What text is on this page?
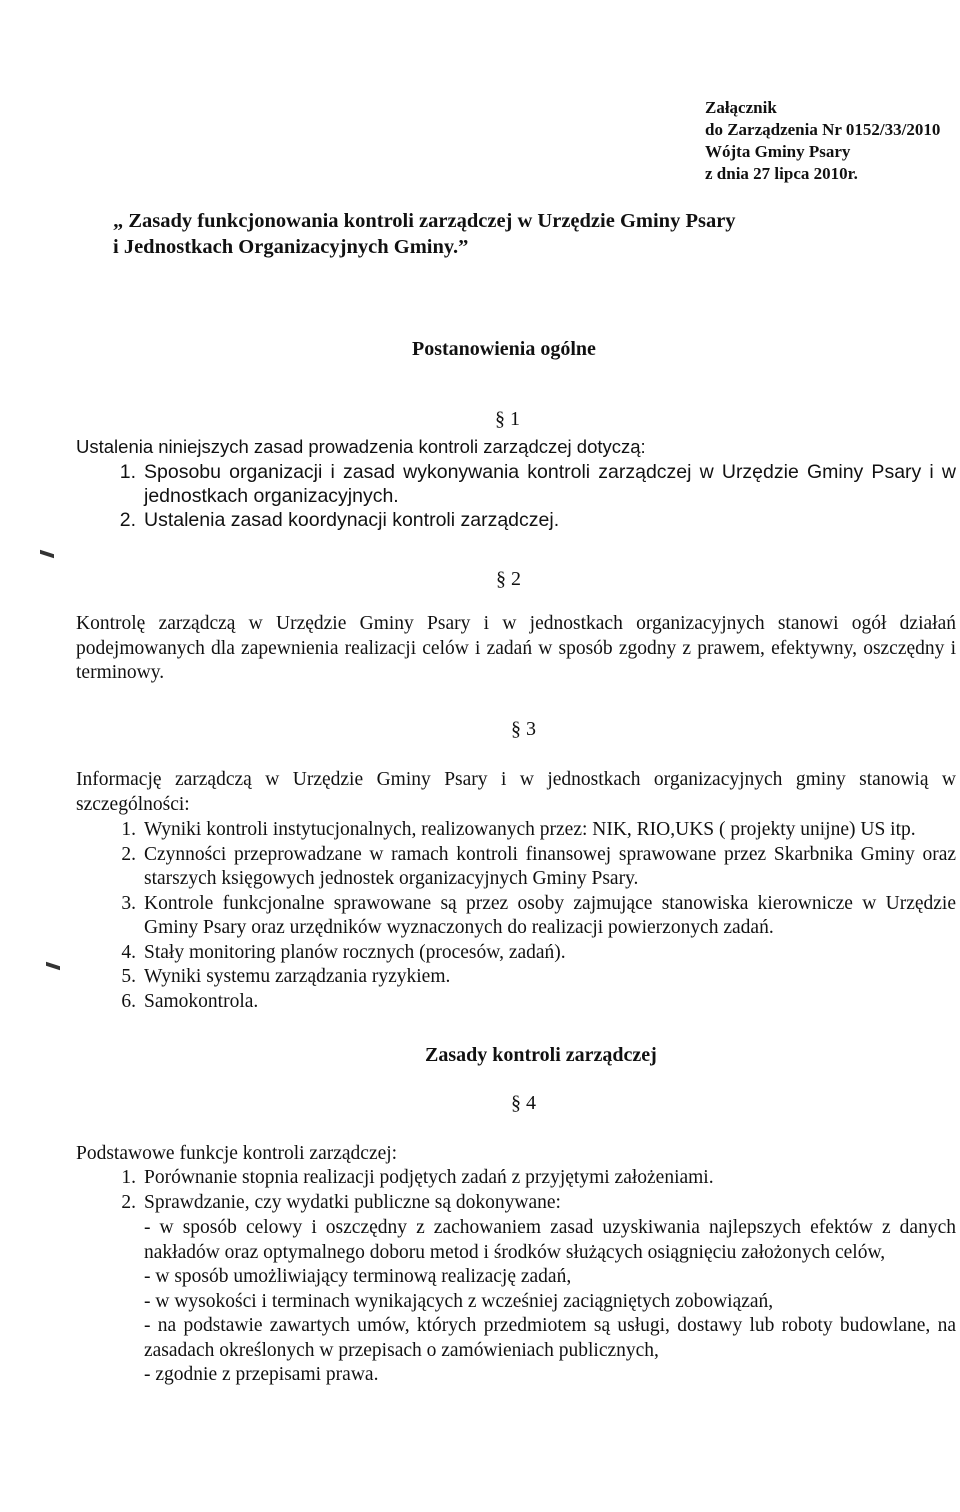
Załącznik
do Zarządzenia Nr 0152/33/2010
Wójta Gminy Psary
z dnia 27 lipca 2010r.
„ Zasady funkcjonowania kontroli zarządczej w Urzędzie Gminy Psary
i Jednostkach Organizacyjnych Gminy.”
Postanowienia ogólne
§ 1
Ustalenia niniejszych zasad prowadzenia kontroli zarządczej dotyczą:
1. Sposobu organizacji i zasad wykonywania kontroli zarządczej w Urzędzie Gminy Psary i w jednostkach organizacyjnych.
2. Ustalenia zasad koordynacji kontroli zarządczej.
§ 2
Kontrolę zarządczą w Urzędzie Gminy Psary i w jednostkach organizacyjnych stanowi ogół działań podejmowanych dla zapewnienia realizacji celów i zadań w sposób zgodny z prawem, efektywny, oszczędny i terminowy.
§ 3
Informację zarządczą w Urzędzie Gminy Psary i w jednostkach organizacyjnych gminy stanowią w szczególności:
1. Wyniki kontroli instytucjonalnych, realizowanych przez: NIK, RIO,UKS ( projekty unijne) US itp.
2. Czynności przeprowadzane w ramach kontroli finansowej sprawowane przez Skarbnika Gminy oraz starszych księgowych jednostek organizacyjnych Gminy Psary.
3. Kontrole funkcjonalne sprawowane są przez osoby zajmujące stanowiska kierownicze w Urzędzie Gminy Psary oraz urzędników wyznaczonych do realizacji powierzonych zadań.
4. Stały monitoring planów rocznych (procesów, zadań).
5. Wyniki systemu zarządzania ryzykiem.
6. Samokontrola.
Zasady kontroli zarządczej
§ 4
Podstawowe funkcje kontroli zarządczej:
1. Porównanie stopnia realizacji podjętych zadań z przyjętymi założeniami.
2. Sprawdzanie, czy wydatki publiczne są dokonywane:
- w sposób celowy i oszczędny z zachowaniem zasad uzyskiwania najlepszych efektów z danych nakładów oraz optymalnego doboru metod i środków służących osiągnięciu założonych celów,
- w sposób umożliwiający terminową realizację zadań,
- w wysokości i terminach wynikających z wcześniej zaciągniętych zobowiązań,
- na podstawie zawartych umów, których przedmiotem są usługi, dostawy lub roboty budowlane, na zasadach określonych w przepisach o zamówieniach publicznych,
- zgodnie z przepisami prawa.
